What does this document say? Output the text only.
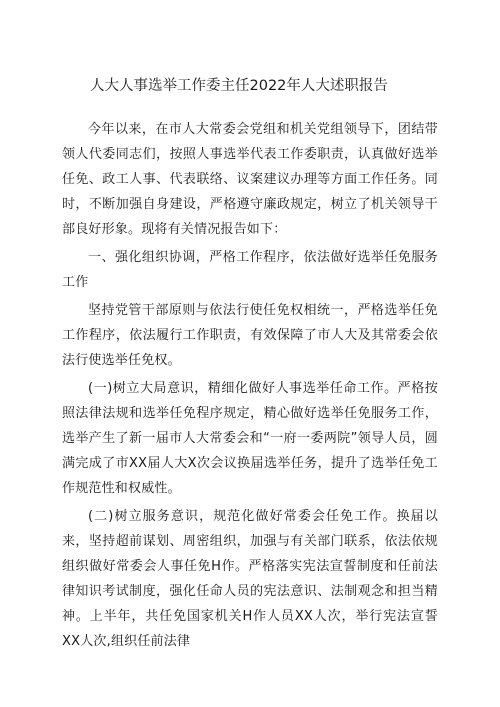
人大人事选举工作委主任2022年人大述职报告

今年以来，在市人大常委会党组和机关党组领导下，团结带领人代委同志们，按照人事选举代表工作委职责，认真做好选举任免、政工人事、代表联络、议案建议办理等方面工作任务。同时，不断加强自身建设，严格遵守廉政规定，树立了机关领导干部良好形象。现将有关情况报告如下：

一、强化组织协调，严格工作程序，依法做好选举任免服务工作

坚持党管干部原则与依法行使任免权相统一，严格选举任免工作程序，依法履行工作职责，有效保障了市人大及其常委会依法行使选举任免权。

(一)树立大局意识，精细化做好人事选举任命工作。严格按照法律法规和选举任免程序规定，精心做好选举任免服务工作，选举产生了新一届市人大常委会和“一府一委两院”领导人员，圆满完成了市XX届人大X次会议换届选举任务，提升了选举任免工作规范性和权威性。

(二)树立服务意识，规范化做好常委会任免工作。换届以来，坚持超前谋划、周密组织，加强与有关部门联系，依法依规组织做好常委会人事任免H作。严格落实宪法宣誓制度和任前法律知识考试制度，强化任命人员的宪法意识、法制观念和担当精神。上半年，共任免国家机关H作人员XX人次，举行宪法宣誓XX人次,组织任前法律
